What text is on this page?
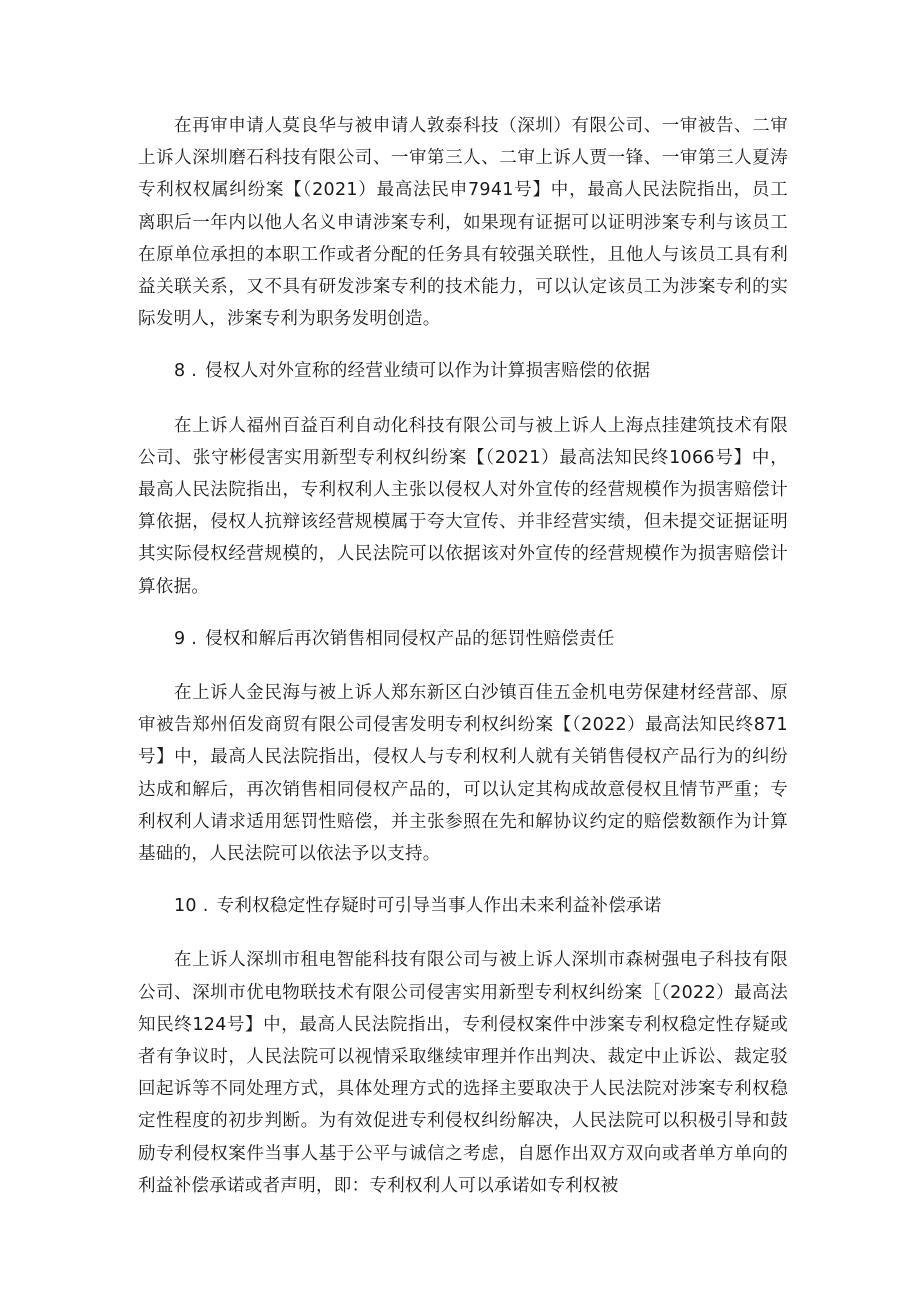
在再审申请人莫良华与被申请人敦泰科技（深圳）有限公司、一审被告、二审上诉人深圳磨石科技有限公司、一审第三人、二审上诉人贾一锋、一审第三人夏涛专利权权属纠纷案【（2021）最高法民申7941号】中，最高人民法院指出，员工离职后一年内以他人名义申请涉案专利，如果现有证据可以证明涉案专利与该员工在原单位承担的本职工作或者分配的任务具有较强关联性，且他人与该员工具有利益关联关系，又不具有研发涉案专利的技术能力，可以认定该员工为涉案专利的实际发明人，涉案专利为职务发明创造。

8 . 侵权人对外宣称的经营业绩可以作为计算损害赔偿的依据

在上诉人福州百益百利自动化科技有限公司与被上诉人上海点挂建筑技术有限公司、张守彬侵害实用新型专利权纠纷案【（2021）最高法知民终1066号】中，最高人民法院指出，专利权利人主张以侵权人对外宣传的经营规模作为损害赔偿计算依据，侵权人抗辩该经营规模属于夸大宣传、并非经营实绩，但未提交证据证明其实际侵权经营规模的，人民法院可以依据该对外宣传的经营规模作为损害赔偿计算依据。

9 . 侵权和解后再次销售相同侵权产品的惩罚性赔偿责任

在上诉人金民海与被上诉人郑东新区白沙镇百佳五金机电劳保建材经营部、原审被告郑州佰发商贸有限公司侵害发明专利权纠纷案【（2022）最高法知民终871号】中，最高人民法院指出，侵权人与专利权利人就有关销售侵权产品行为的纠纷达成和解后，再次销售相同侵权产品的，可以认定其构成故意侵权且情节严重；专利权利人请求适用惩罚性赔偿，并主张参照在先和解协议约定的赔偿数额作为计算基础的，人民法院可以依法予以支持。

10 . 专利权稳定性存疑时可引导当事人作出未来利益补偿承诺

在上诉人深圳市租电智能科技有限公司与被上诉人深圳市森树强电子科技有限公司、深圳市优电物联技术有限公司侵害实用新型专利权纠纷案［（2022）最高法知民终124号】中，最高人民法院指出，专利侵权案件中涉案专利权稳定性存疑或者有争议时，人民法院可以视情采取继续审理并作出判决、裁定中止诉讼、裁定驳回起诉等不同处理方式，具体处理方式的选择主要取决于人民法院对涉案专利权稳定性程度的初步判断。为有效促进专利侵权纠纷解决，人民法院可以积极引导和鼓励专利侵权案件当事人基于公平与诚信之考虑，自愿作出双方双向或者单方单向的利益补偿承诺或者声明，即：专利权利人可以承诺如专利权被
